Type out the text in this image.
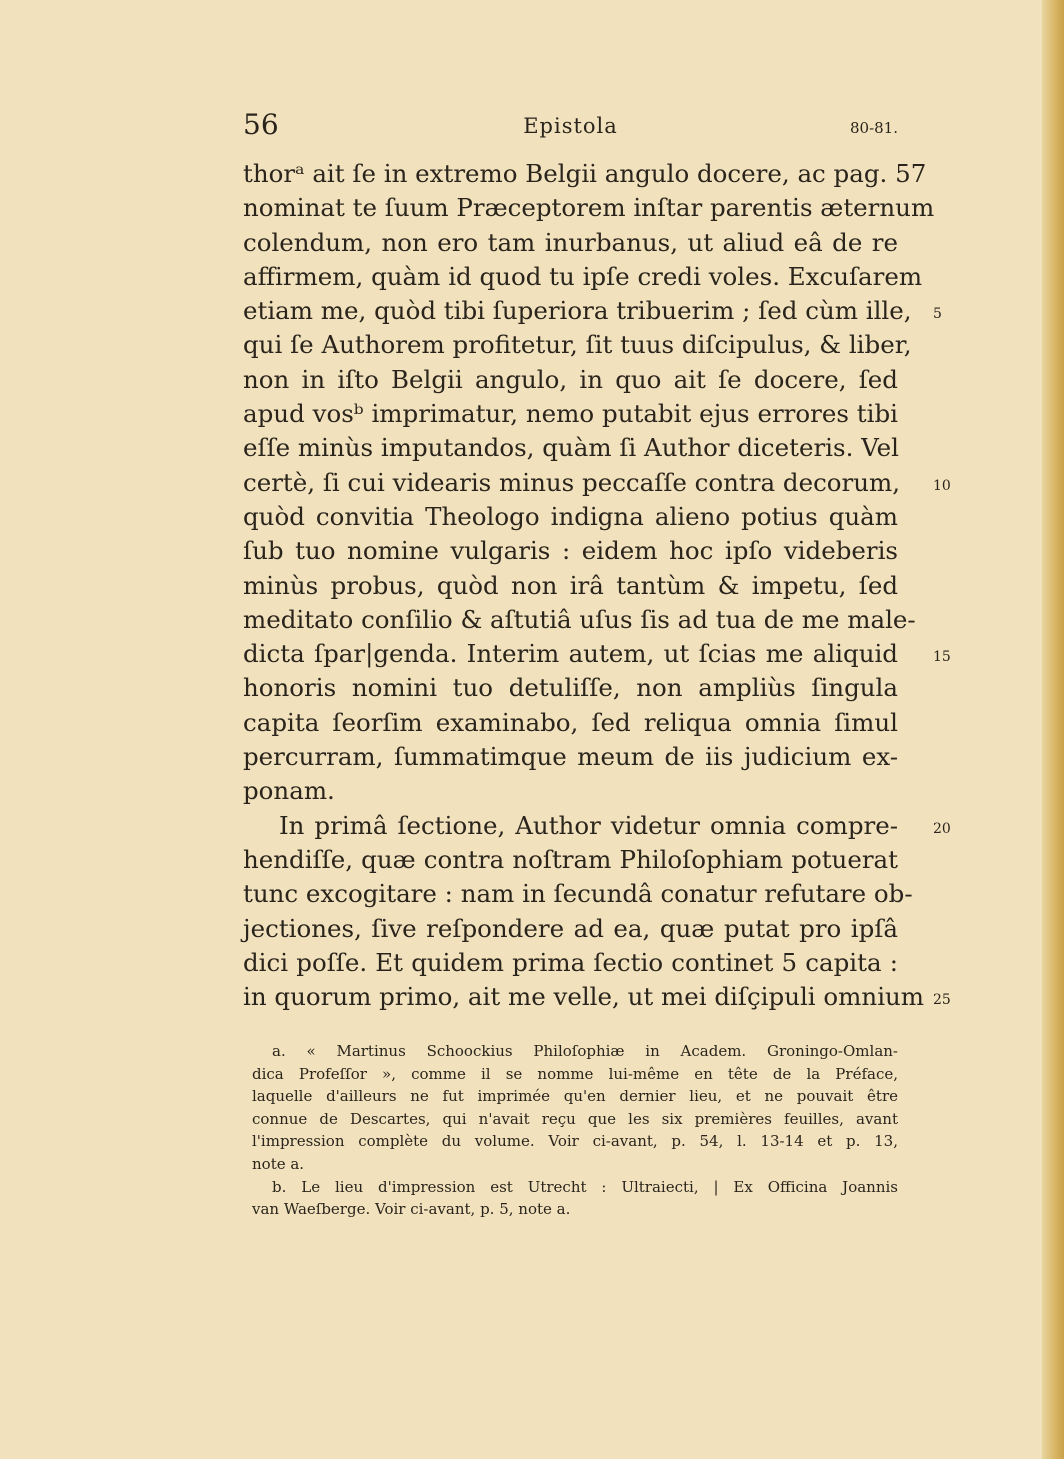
56	Epistola	80-81.
thorᵃ ait ſe in extremo Belgii angulo docere, ac pag. 57
nominat te ſuum Præceptorem inſtar parentis æternum
colendum, non ero tam inurbanus, ut aliud eâ de re
affirmem, quàm id quod tu ipſe credi voles. Excuſarem
etiam me, quòd tibi ſuperiora tribuerim ; ſed cùm ille, 5
qui ſe Authorem profitetur, ſit tuus diſcipulus, & liber,
non in iſto Belgii angulo, in quo ait ſe docere, ſed
apud vosᵇ imprimatur, nemo putabit ejus errores tibi
eſſe minùs imputandos, quàm ſi Author diceteris. Vel
certè, ſi cui videaris minus peccaſſe contra decorum, 10
quòd convitia Theologo indigna alieno potius quàm
ſub tuo nomine vulgaris : eidem hoc ipſo videberis
minùs probus, quòd non irâ tantùm & impetu, ſed
meditato conſilio & aſtutiâ uſus ſis ad tua de me male-
dicta ſpar|genda. Interim autem, ut ſcias me aliquid	15
honoris nomini tuo detuliſſe, non ampliùs ſingula
capita ſeorſim examinabo, ſed reliqua omnia ſimul
percurram, ſummatimque meum de iis judicium ex-
ponam.
In primâ ſectione, Author videtur omnia compre-	20
hendiſſe, quæ contra noſtram Philoſophiam potuerat
tunc excogitare : nam in ſecundâ conatur refutare ob-
jectiones, ſive reſpondere ad ea, quæ putat pro ipſâ
dici poſſe. Et quidem prima ſectio continet 5 capita :
in quorum primo, ait me velle, ut mei diſçipuli omnium 25
a. « Martinus Schoockius Philoſophiæ in Academ. Groningo-Omlan-
dica Profeſſor », comme il se nomme lui-même en tête de la Préface,
laquelle d'ailleurs ne fut imprimée qu'en dernier lieu, et ne pouvait être
connue de Descartes, qui n'avait reçu que les six premières feuilles, avant
l'impression complète du volume. Voir ci-avant, p. 54, l. 13-14 et p. 13,
note a.
b. Le lieu d'impression est Utrecht : Ultraiecti, | Ex Officina Joannis
van Waeſberge. Voir ci-avant, p. 5, note a.
